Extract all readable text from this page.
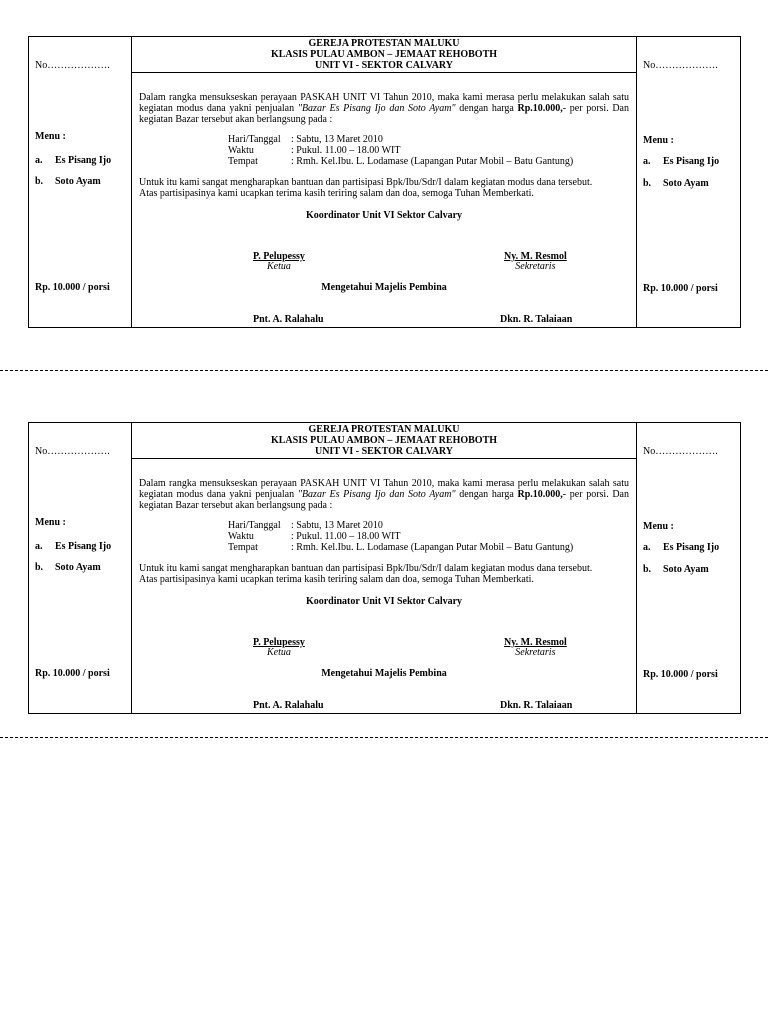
No……………….
Menu :
a. Es Pisang Ijo
b. Soto Ayam
Rp. 10.000 / porsi
GEREJA PROTESTAN MALUKU
KLASIS PULAU AMBON – JEMAAT REHOBOTH
UNIT VI - SEKTOR CALVARY
Dalam rangka mensukseskan perayaan PASKAH UNIT VI Tahun 2010, maka kami merasa perlu melakukan salah satu kegiatan modus dana yakni penjualan "Bazar Es Pisang Ijo dan Soto Ayam" dengan harga Rp.10.000,- per porsi. Dan kegiatan Bazar tersebut akan berlangsung pada :
Hari/Tanggal	: Sabtu, 13 Maret 2010
Waktu	: Pukul. 11.00 – 18.00 WIT
Tempat	: Rmh. Kel.Ibu. L. Lodamase (Lapangan Putar Mobil – Batu Gantung)
Untuk itu kami sangat mengharapkan bantuan dan partisipasi Bpk/Ibu/Sdr/I dalam kegiatan modus dana tersebut.
Atas partisipasinya kami ucapkan terima kasih teriring salam dan doa, semoga Tuhan Memberkati.
Koordinator Unit VI Sektor Calvary
P. Pelupessy
Ketua
Ny. M. Resmol
Sekretaris
Mengetahui Majelis Pembina
Pnt. A. Ralahalu	Dkn. R. Talaiaan
No……………….
Menu :
a. Es Pisang Ijo
b. Soto Ayam
Rp. 10.000 / porsi
No……………….
Menu :
a. Es Pisang Ijo
b. Soto Ayam
Rp. 10.000 / porsi
GEREJA PROTESTAN MALUKU
KLASIS PULAU AMBON – JEMAAT REHOBOTH
UNIT VI - SEKTOR CALVARY
Dalam rangka mensukseskan perayaan PASKAH UNIT VI Tahun 2010, maka kami merasa perlu melakukan salah satu kegiatan modus dana yakni penjualan "Bazar Es Pisang Ijo dan Soto Ayam" dengan harga Rp.10.000,- per porsi. Dan kegiatan Bazar tersebut akan berlangsung pada :
Hari/Tanggal	: Sabtu, 13 Maret 2010
Waktu	: Pukul. 11.00 – 18.00 WIT
Tempat	: Rmh. Kel.Ibu. L. Lodamase (Lapangan Putar Mobil – Batu Gantung)
Untuk itu kami sangat mengharapkan bantuan dan partisipasi Bpk/Ibu/Sdr/I dalam kegiatan modus dana tersebut.
Atas partisipasinya kami ucapkan terima kasih teriring salam dan doa, semoga Tuhan Memberkati.
Koordinator Unit VI Sektor Calvary
P. Pelupessy
Ketua
Ny. M. Resmol
Sekretaris
Mengetahui Majelis Pembina
Pnt. A. Ralahalu	Dkn. R. Talaiaan
No……………….
Menu :
a. Es Pisang Ijo
b. Soto Ayam
Rp. 10.000 / porsi
